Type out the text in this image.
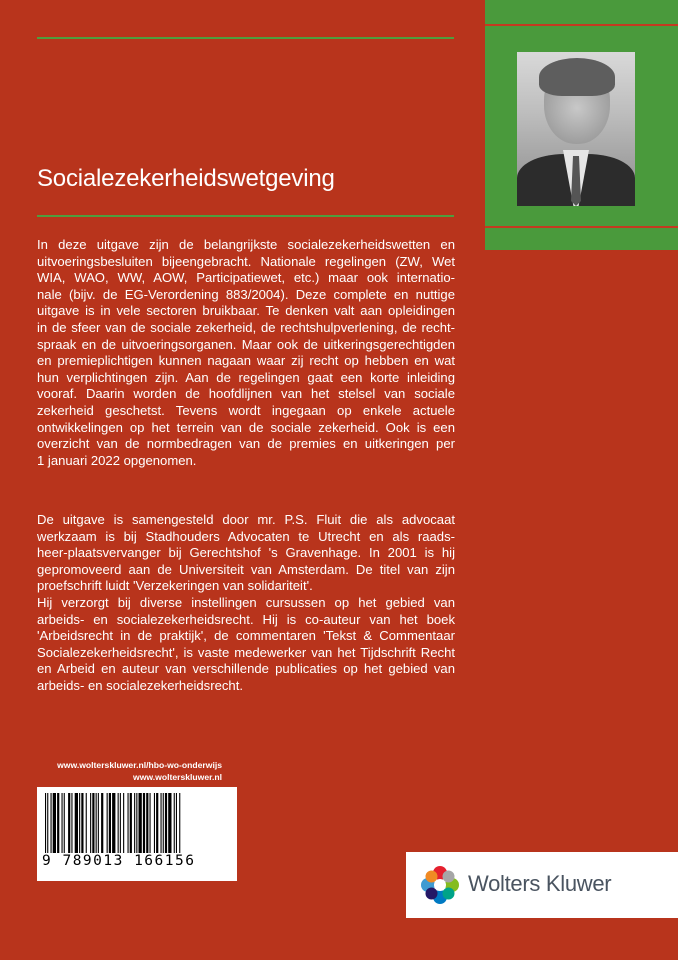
Socialezekerheidswetgeving
In deze uitgave zijn de belangrijkste socialezekerheidswetten en
uitvoeringsbesluiten bijeengebracht. Nationale regelingen (ZW, Wet
WIA, WAO, WW, AOW, Participatiewet, etc.) maar ook internatio-
nale (bijv. de EG-Verordening 883/2004). Deze complete en nuttige
uitgave is in vele sectoren bruikbaar. Te denken valt aan opleidingen
in de sfeer van de sociale zekerheid, de rechtshulpverlening, de recht-
spraak en de uitvoeringsorganen. Maar ook de uitkeringsgerechtigden
en premieplichtigen kunnen nagaan waar zij recht op hebben en wat
hun verplichtingen zijn. Aan de regelingen gaat een korte inleiding
vooraf. Daarin worden de hoofdlijnen van het stelsel van sociale
zekerheid geschetst. Tevens wordt ingegaan op enkele actuele
ontwikkelingen op het terrein van de sociale zekerheid. Ook is een
overzicht van de normbedragen van de premies en uitkeringen per
1 januari 2022 opgenomen.
De uitgave is samengesteld door mr. P.S. Fluit die als advocaat
werkzaam is bij Stadhouders Advocaten te Utrecht en als raads-
heer-plaatsvervanger bij Gerechtshof 's Gravenhage. In 2001 is hij
gepromoveerd aan de Universiteit van Amsterdam. De titel van zijn
proefschrift luidt 'Verzekeringen van solidariteit'.
Hij verzorgt bij diverse instellingen cursussen op het gebied van
arbeids- en socialezekerheidsrecht. Hij is co-auteur van het boek
'Arbeidsrecht in de praktijk', de commentaren 'Tekst & Commentaar
Socialezekerheidsrecht', is vaste medewerker van het Tijdschrift Recht
en Arbeid en auteur van verschillende publicaties op het gebied van
arbeids- en socialezekerheidsrecht.
www.wolterskluwer.nl/hbo-wo-onderwijs
www.wolterskluwer.nl
9 789013 166156
Wolters Kluwer
